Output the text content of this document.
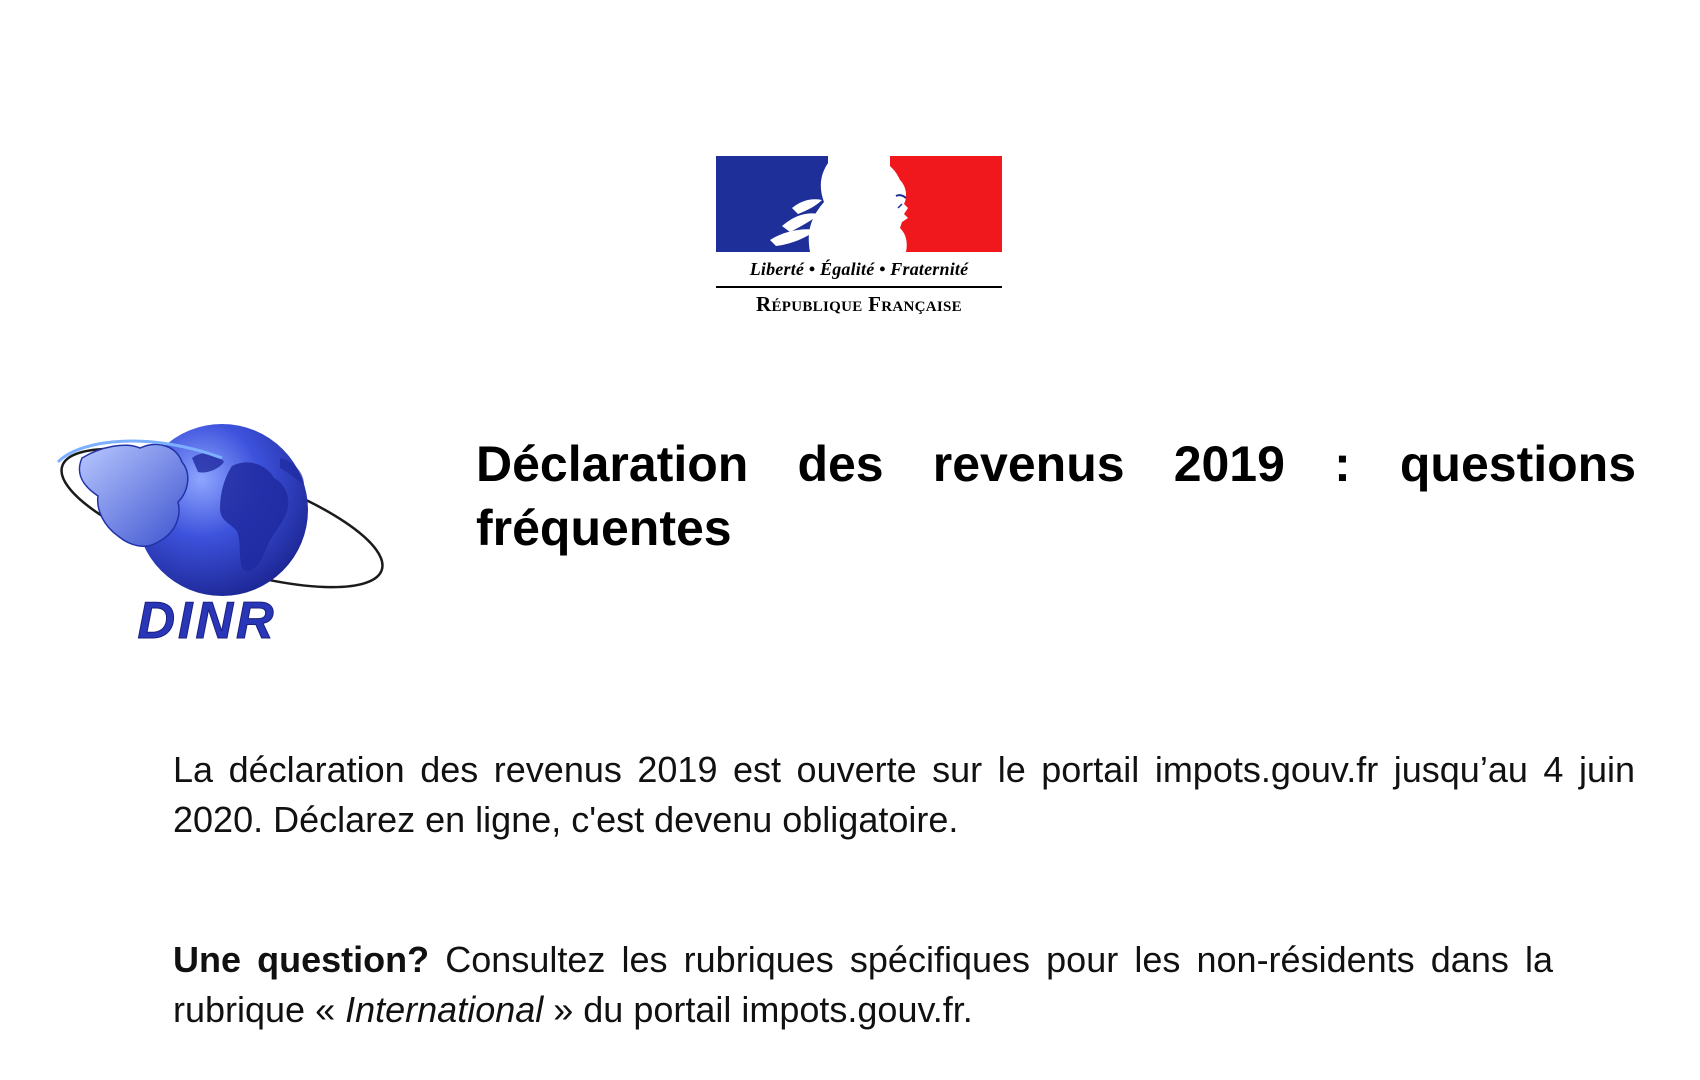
Liberté • Égalité • Fraternité
République Française
DINR
Déclaration des revenus 2019 : questions fréquentes

La déclaration des revenus 2019 est ouverte sur le portail impots.gouv.fr jusqu’au 4 juin 2020. Déclarez en ligne, c'est devenu obligatoire.

Une question? Consultez les rubriques spécifiques pour les non-résidents dans la rubrique « International » du portail impots.gouv.fr.
